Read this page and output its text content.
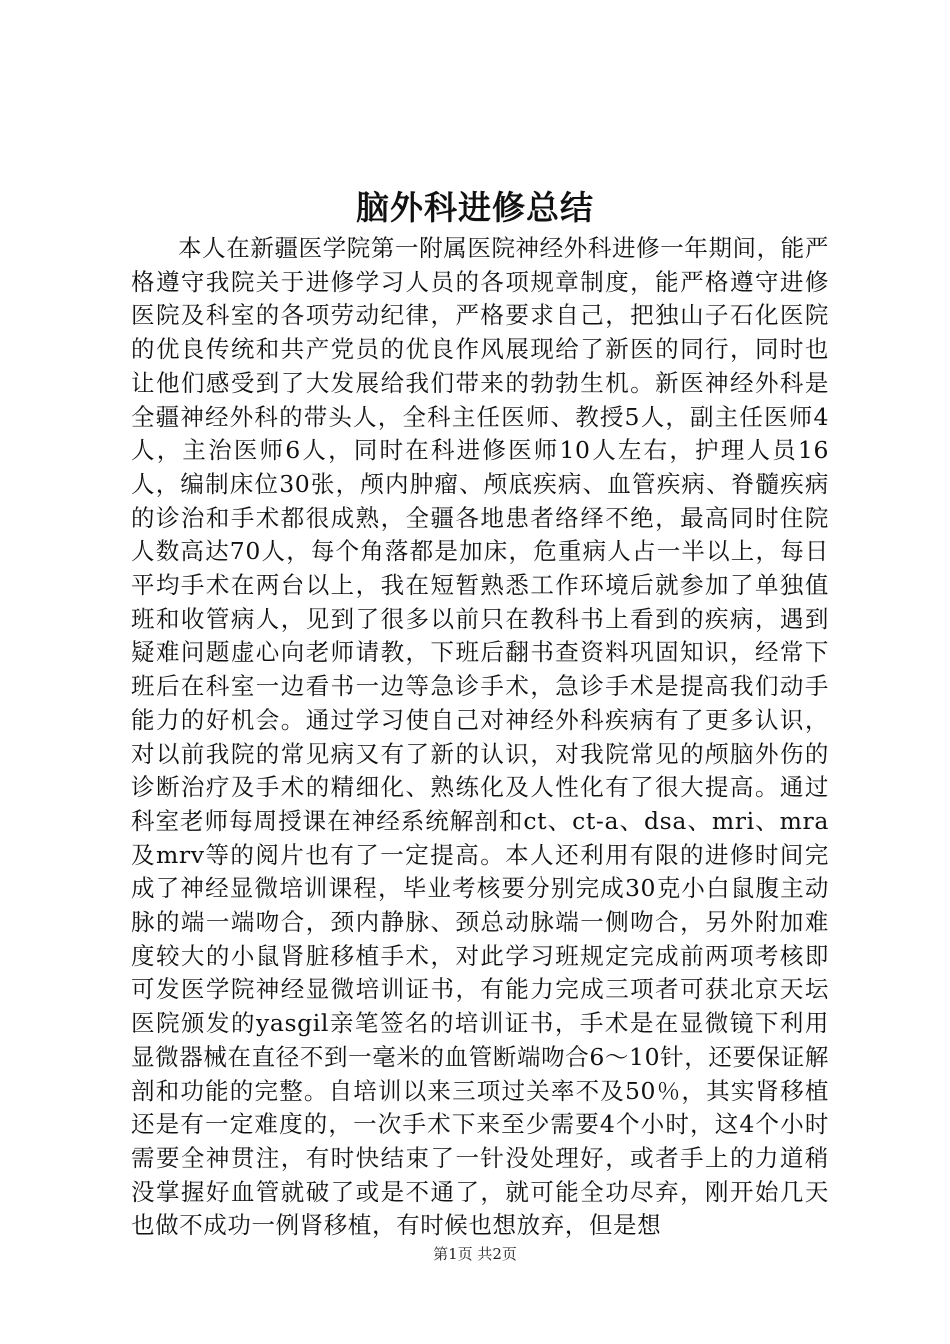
脑外科进修总结

本人在新疆医学院第一附属医院神经外科进修一年期间，能严格遵守我院关于进修学习人员的各项规章制度，能严格遵守进修医院及科室的各项劳动纪律，严格要求自己，把独山子石化医院的优良传统和共产党员的优良作风展现给了新医的同行，同时也让他们感受到了大发展给我们带来的勃勃生机。新医神经外科是全疆神经外科的带头人，全科主任医师、教授5人，副主任医师4人，主治医师6人，同时在科进修医师10人左右，护理人员16人，编制床位30张，颅内肿瘤、颅底疾病、血管疾病、脊髓疾病的诊治和手术都很成熟，全疆各地患者络绎不绝，最高同时住院人数高达70人，每个角落都是加床，危重病人占一半以上，每日平均手术在两台以上，我在短暂熟悉工作环境后就参加了单独值班和收管病人，见到了很多以前只在教科书上看到的疾病，遇到疑难问题虚心向老师请教，下班后翻书查资料巩固知识，经常下班后在科室一边看书一边等急诊手术，急诊手术是提高我们动手能力的好机会。通过学习使自己对神经外科疾病有了更多认识，对以前我院的常见病又有了新的认识，对我院常见的颅脑外伤的诊断治疗及手术的精细化、熟练化及人性化有了很大提高。通过科室老师每周授课在神经系统解剖和ct、ct-a、dsa、mri、mra及mrv等的阅片也有了一定提高。本人还利用有限的进修时间完成了神经显微培训课程，毕业考核要分别完成30克小白鼠腹主动脉的端一端吻合，颈内静脉、颈总动脉端一侧吻合，另外附加难度较大的小鼠肾脏移植手术，对此学习班规定完成前两项考核即可发医学院神经显微培训证书，有能力完成三项者可获北京天坛医院颁发的yasgil亲笔签名的培训证书，手术是在显微镜下利用显微器械在直径不到一毫米的血管断端吻合6～10针，还要保证解剖和功能的完整。自培训以来三项过关率不及50％，其实肾移植还是有一定难度的，一次手术下来至少需要4个小时，这4个小时需要全神贯注，有时快结束了一针没处理好，或者手上的力道稍没掌握好血管就破了或是不通了，就可能全功尽弃，刚开始几天也做不成功一例肾移植，有时候也想放弃，但是想

第1页 共2页
